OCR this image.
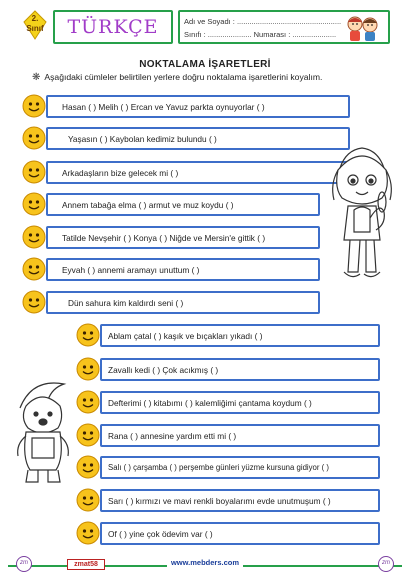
2.
Sınıf TÜRKÇE	Adı ve Soyadı : ..................................................
Sınıfı : ..................... Numarası : .....................
NOKTALAMA İŞARETLERİ
❋ Aşağıdaki cümleler belirtilen yerlere doğru noktalama işaretlerini koyalım.
Hasan ( ) Melih ( ) Ercan ve Yavuz parkta oynuyorlar ( )
Yaşasın ( ) Kaybolan kedimiz bulundu ( )
Arkadaşların bize gelecek mi ( )
Annem tabağa elma ( ) armut ve muz koydu ( )
Tatilde Nevşehir ( ) Konya ( ) Niğde ve Mersin'e gittik ( )
Eyvah ( ) annemi aramayı unuttum ( )
Dün sahura kim kaldırdı seni ( )
Ablam çatal ( ) kaşık ve bıçakları yıkadı ( )
Zavallı kedi ( ) Çok acıkmış ( )
Defterimi ( ) kitabımı ( ) kalemliğimi çantama koydum ( )
Rana ( ) annesine yardım etti mi ( )
Salı ( ) çarşamba ( ) perşembe günleri yüzme kursuna gidiyor ( )
Sarı ( ) kırmızı ve mavi renkli boyalarımı evde unutmuşum ( )
Of ( ) yine çok ödevim var ( )
zm	zm
zmat58	www.mebders.com
